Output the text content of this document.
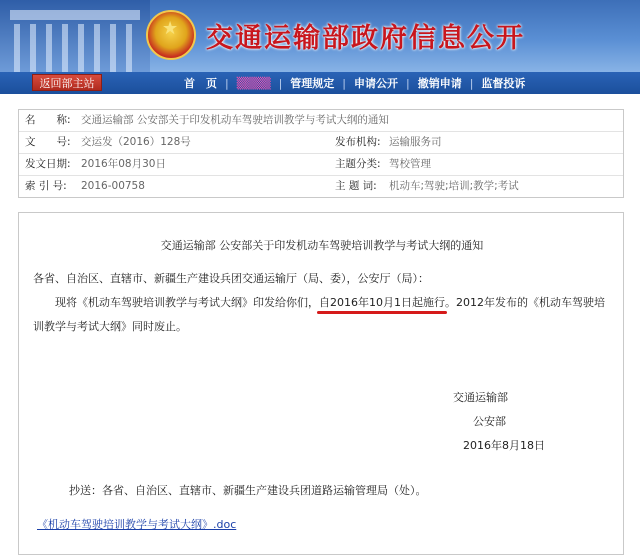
★ 交通运输部政府信息公开
返回部主站	首　页 | ▒▒▒▒ | 管理规定 | 申请公开 | 撤销申请 | 监督投诉
名　　称: 交通运输部 公安部关于印发机动车驾驶培训教学与考试大纲的通知
文　　号: 交运发（2016）128号	发布机构: 运输服务司
发文日期: 2016年08月30日	主题分类: 驾校管理
索 引 号:	2016-00758	主 题 词:	机动车;驾驶;培训;教学;考试
交通运输部 公安部关于印发机动车驾驶培训教学与考试大纲的通知
各省、自治区、直辖市、新疆生产建设兵团交通运输厅（局、委），公安厅（局）：
现将《机动车驾驶培训教学与考试大纲》印发给你们，自2016年10月1日起施行
。2012年发布的《机动车驾驶培
训教学与考试大纲》同时废止。
交通运输部
公安部
2016年8月18日
抄送：各省、自治区、直辖市、新疆生产建设兵团道路运输管理局（处）。
《机动车驾驶培训教学与考试大纲》.doc
